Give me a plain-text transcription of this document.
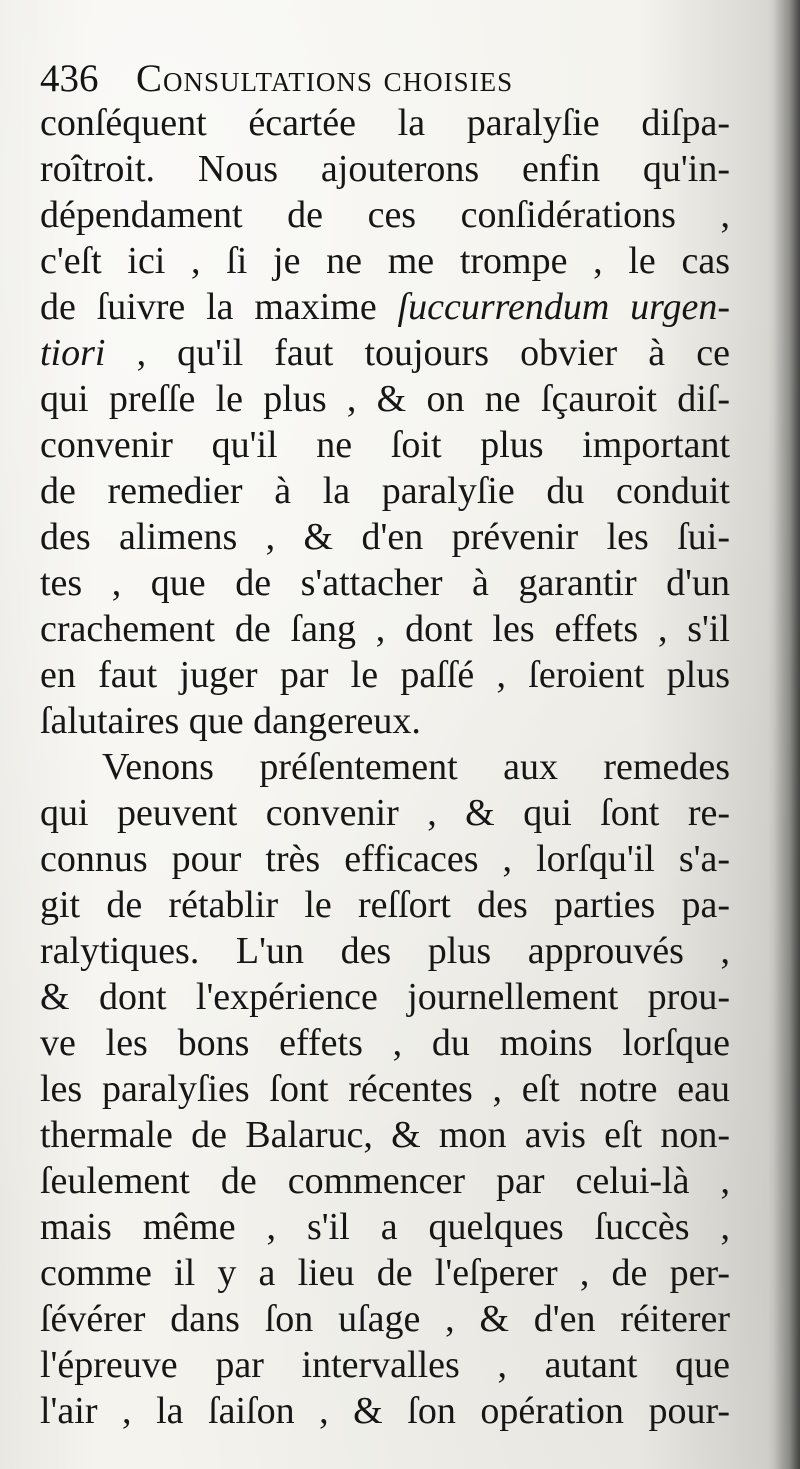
436 Consultations choisies
conſéquent écartée la paralyſie diſpa-
roîtroit. Nous ajouterons enfin qu'in-
dépendament de ces conſidérations ,
c'eſt ici , ſi je ne me trompe , le cas
de ſuivre la maxime ſuccurrendum urgen-
tiori , qu'il faut toujours obvier à ce
qui preſſe le plus , & on ne ſçauroit diſ-
convenir qu'il ne ſoit plus important
de remedier à la paralyſie du conduit
des alimens , & d'en prévenir les ſui-
tes , que de s'attacher à garantir d'un
crachement de ſang , dont les effets , s'il
en faut juger par le paſſé , ſeroient plus
ſalutaires que dangereux.
Venons préſentement aux remedes
qui peuvent convenir , & qui ſont re-
connus pour très efficaces , lorſqu'il s'a-
git de rétablir le reſſort des parties pa-
ralytiques. L'un des plus approuvés ,
& dont l'expérience journellement prou-
ve les bons effets , du moins lorſque
les paralyſies ſont récentes , eſt notre eau
thermale de Balaruc, & mon avis eſt non-
ſeulement de commencer par celui-là ,
mais même , s'il a quelques ſuccès ,
comme il y a lieu de l'eſperer , de per-
ſévérer dans ſon uſage , & d'en réiterer
l'épreuve par intervalles , autant que
l'air , la ſaiſon , & ſon opération pour-
